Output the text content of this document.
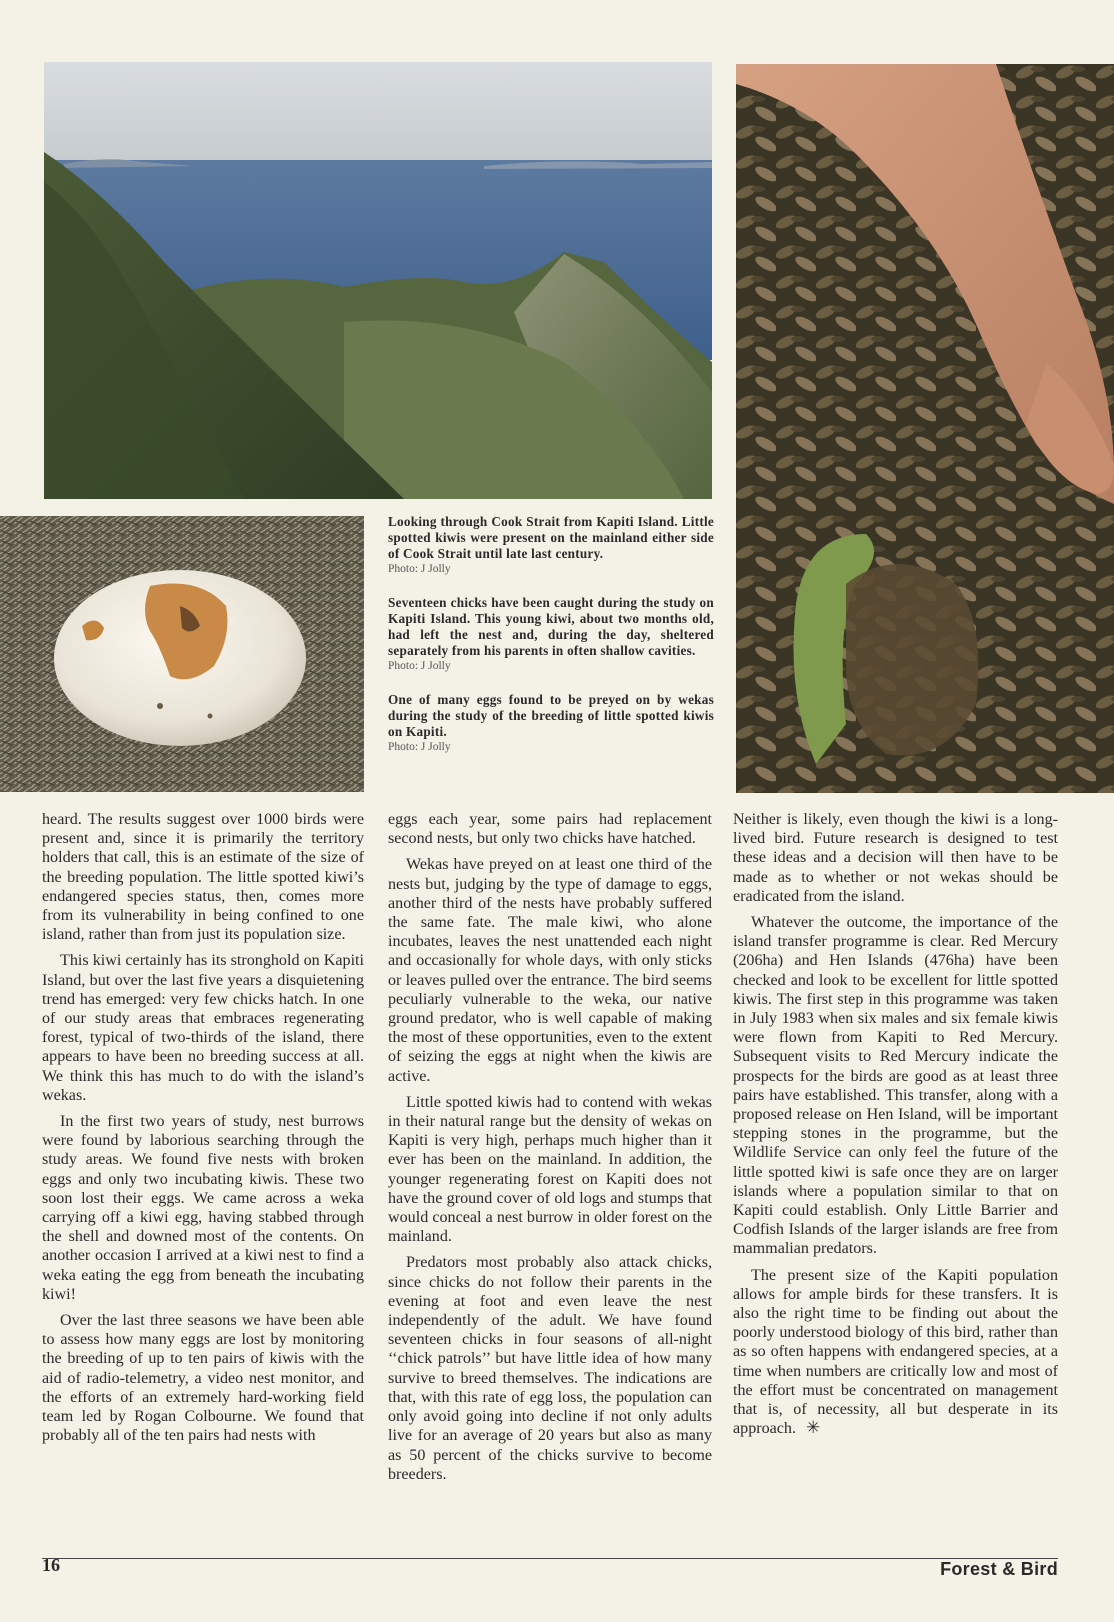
Looking through Cook Strait from Kapiti Island. Little spotted kiwis were present on the mainland either side of Cook Strait until late last century.
Photo: J Jolly
Seventeen chicks have been caught during the study on Kapiti Island. This young kiwi, about two months old, had left the nest and, during the day, sheltered separately from his parents in often shallow cavities.
Photo: J Jolly
One of many eggs found to be preyed on by wekas during the study of the breeding of little spotted kiwis on Kapiti.
Photo: J Jolly

heard. The results suggest over 1000 birds were present and, since it is primarily the territory holders that call, this is an estimate of the size of the breeding population. The little spotted kiwi’s endangered species status, then, comes more from its vulnerability in being confined to one island, rather than from just its population size.

This kiwi certainly has its stronghold on Kapiti Island, but over the last five years a disquietening trend has emerged: very few chicks hatch. In one of our study areas that embraces regenerating forest, typical of two-thirds of the island, there appears to have been no breeding success at all. We think this has much to do with the island’s wekas.

In the first two years of study, nest burrows were found by laborious searching through the study areas. We found five nests with broken eggs and only two incubating kiwis. These two soon lost their eggs. We came across a weka carrying off a kiwi egg, having stabbed through the shell and downed most of the contents. On another occasion I arrived at a kiwi nest to find a weka eating the egg from beneath the incubating kiwi!

Over the last three seasons we have been able to assess how many eggs are lost by monitoring the breeding of up to ten pairs of kiwis with the aid of radio-telemetry, a video nest monitor, and the efforts of an extremely hard-working field team led by Rogan Colbourne. We found that probably all of the ten pairs had nests with

eggs each year, some pairs had replacement second nests, but only two chicks have hatched.

Wekas have preyed on at least one third of the nests but, judging by the type of damage to eggs, another third of the nests have probably suffered the same fate. The male kiwi, who alone incubates, leaves the nest unattended each night and occasionally for whole days, with only sticks or leaves pulled over the entrance. The bird seems peculiarly vulnerable to the weka, our native ground predator, who is well capable of making the most of these opportunities, even to the extent of seizing the eggs at night when the kiwis are active.

Little spotted kiwis had to contend with wekas in their natural range but the density of wekas on Kapiti is very high, perhaps much higher than it ever has been on the mainland. In addition, the younger regenerating forest on Kapiti does not have the ground cover of old logs and stumps that would conceal a nest burrow in older forest on the mainland.

Predators most probably also attack chicks, since chicks do not follow their parents in the evening at foot and even leave the nest independently of the adult. We have found seventeen chicks in four seasons of all-night ‘‘chick patrols’’ but have little idea of how many survive to breed themselves. The indications are that, with this rate of egg loss, the population can only avoid going into decline if not only adults live for an average of 20 years but also as many as 50 percent of the chicks survive to become breeders.

Neither is likely, even though the kiwi is a long-lived bird. Future research is designed to test these ideas and a decision will then have to be made as to whether or not wekas should be eradicated from the island.

Whatever the outcome, the importance of the island transfer programme is clear. Red Mercury (206ha) and Hen Islands (476ha) have been checked and look to be excellent for little spotted kiwis. The first step in this programme was taken in July 1983 when six males and six female kiwis were flown from Kapiti to Red Mercury. Subsequent visits to Red Mercury indicate the prospects for the birds are good as at least three pairs have established. This transfer, along with a proposed release on Hen Island, will be important stepping stones in the programme, but the Wildlife Service can only feel the future of the little spotted kiwi is safe once they are on larger islands where a population similar to that on Kapiti could establish. Only Little Barrier and Codfish Islands of the larger islands are free from mammalian predators.

The present size of the Kapiti population allows for ample birds for these transfers. It is also the right time to be finding out about the poorly understood biology of this bird, rather than as so often happens with endangered species, at a time when numbers are critically low and most of the effort must be concentrated on management that is, of necessity, all but desperate in its approach. ✳

16	Forest & Bird
